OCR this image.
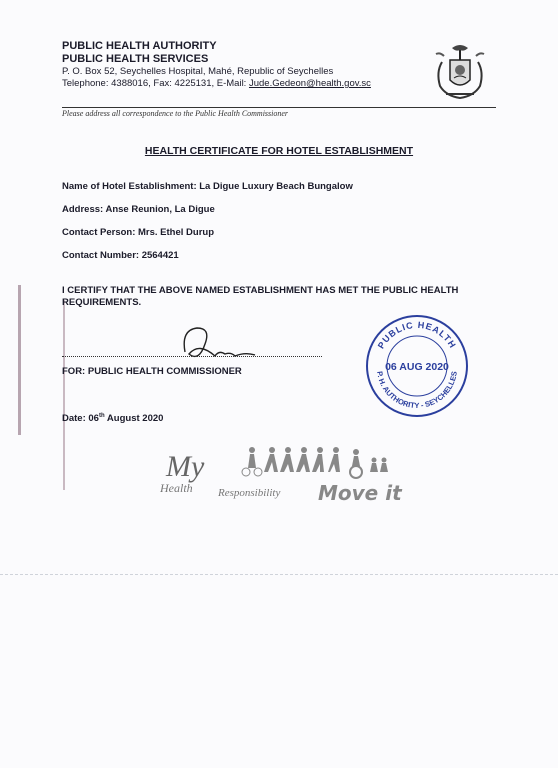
PUBLIC HEALTH AUTHORITY
PUBLIC HEALTH SERVICES
P. O. Box 52, Seychelles Hospital, Mahé, Republic of Seychelles
Telephone: 4388016, Fax: 4225131, E-Mail: Jude.Gedeon@health.gov.sc
Please address all correspondence to the Public Health Commissioner
HEALTH CERTIFICATE FOR HOTEL ESTABLISHMENT
Name of Hotel Establishment: La Digue Luxury Beach Bungalow
Address: Anse Reunion, La Digue
Contact Person: Mrs. Ethel Durup
Contact Number: 2564421
I CERTIFY THAT THE ABOVE NAMED ESTABLISHMENT HAS MET THE PUBLIC HEALTH REQUIREMENTS.
FOR: PUBLIC HEALTH COMMISSIONER
PUBLIC HEALTH
P. H. AUTHORITY - SEYCHELLES
06 AUG 2020
Date: 06th August 2020
My
Health Responsibility Move it
